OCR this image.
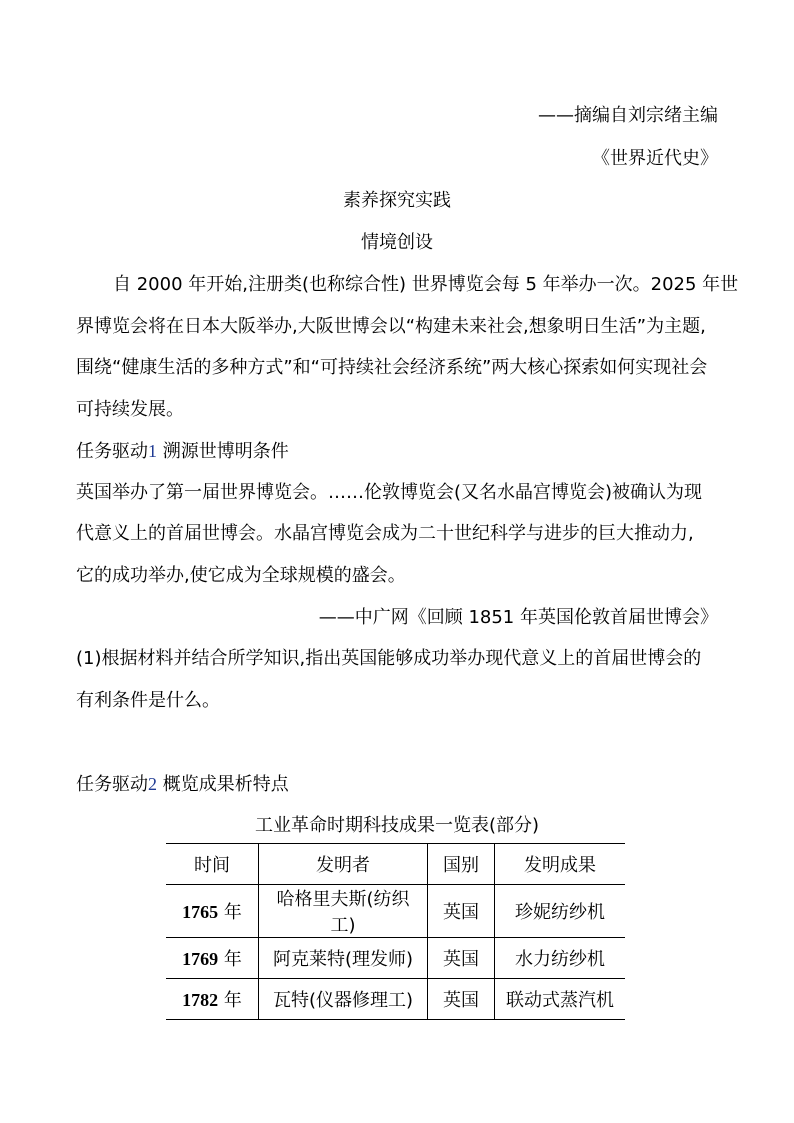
——摘编自刘宗绪主编
《世界近代史》
素养探究实践
情境创设
自 2000 年开始,注册类(也称综合性) 世界博览会每 5 年举办一次。2025 年世
界博览会将在日本大阪举办,大阪世博会以“构建未来社会,想象明日生活”为主题,
围绕“健康生活的多种方式”和“可持续社会经济系统”两大核心探索如何实现社会
可持续发展。
任务驱动1 溯源世博明条件
英国举办了第一届世界博览会。……伦敦博览会(又名水晶宫博览会)被确认为现
代意义上的首届世博会。水晶宫博览会成为二十世纪科学与进步的巨大推动力,
它的成功举办,使它成为全球规模的盛会。
——中广网《回顾 1851 年英国伦敦首届世博会》
(1)根据材料并结合所学知识,指出英国能够成功举办现代意义上的首届世博会的
有利条件是什么。
任务驱动2 概览成果析特点
工业革命时期科技成果一览表(部分)
时间	发明者	国别	发明成果
1765 年	哈格里夫斯(纺织工)	英国	珍妮纺纱机
1769 年	阿克莱特(理发师)	英国	水力纺纱机
1782 年	瓦特(仪器修理工)	英国	联动式蒸汽机
